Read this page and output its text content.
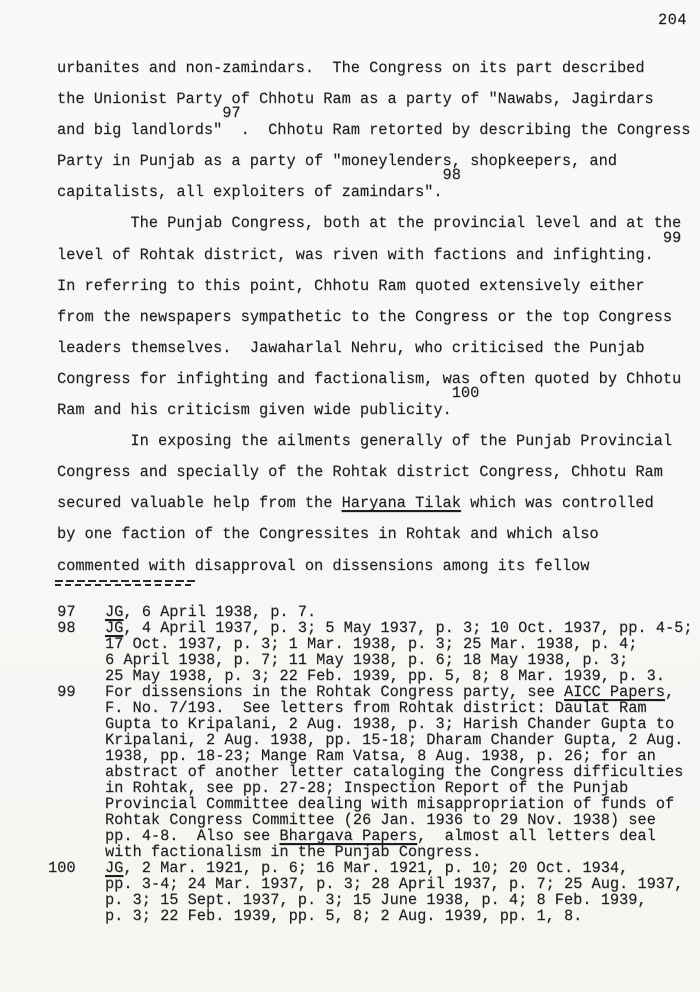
204
urbanites and non-zamindars.  The Congress on its part described
the Unionist Party of Chhotu Ram as a party of "Nawabs, Jagirdars
and big landlords"97.  Chhotu Ram retorted by describing the Congress
Party in Punjab as a party of "moneylenders, shopkeepers, and
capitalists, all exploiters of zamindars".98
The Punjab Congress, both at the provincial level and at the
level of Rohtak district, was riven with factions and infighting. 99
In referring to this point, Chhotu Ram quoted extensively either
from the newspapers sympathetic to the Congress or the top Congress
leaders themselves.  Jawaharlal Nehru, who criticised the Punjab
Congress for infighting and factionalism, was often quoted by Chhotu
Ram and his criticism given wide publicity.100
In exposing the ailments generally of the Punjab Provincial
Congress and specially of the Rohtak district Congress, Chhotu Ram
secured valuable help from the Haryana Tilak which was controlled
by one faction of the Congressites in Rohtak and which also
commented with disapproval on dissensions among its fellow
97	JG, 6 April 1938, p. 7.
98	JG, 4 April 1937, p. 3; 5 May 1937, p. 3; 10 Oct. 1937, pp. 4-5;
17 Oct. 1937, p. 3; 1 Mar. 1938, p. 3; 25 Mar. 1938, p. 4;
6 April 1938, p. 7; 11 May 1938, p. 6; 18 May 1938, p. 3;
25 May 1938, p. 3; 22 Feb. 1939, pp. 5, 8; 8 Mar. 1939, p. 3.
99	For dissensions in the Rohtak Congress party, see AICC Papers,
F. No. 7/193.  See letters from Rohtak district: Daulat Ram
Gupta to Kripalani, 2 Aug. 1938, p. 3; Harish Chander Gupta to
Kripalani, 2 Aug. 1938, pp. 15-18; Dharam Chander Gupta, 2 Aug.
1938, pp. 18-23; Mange Ram Vatsa, 8 Aug. 1938, p. 26; for an
abstract of another letter cataloging the Congress difficulties
in Rohtak, see pp. 27-28; Inspection Report of the Punjab
Provincial Committee dealing with misappropriation of funds of
Rohtak Congress Committee (26 Jan. 1936 to 29 Nov. 1938) see
pp. 4-8.  Also see Bhargava Papers,  almost all letters deal
with factionalism in the Punjab Congress.
100	JG, 2 Mar. 1921, p. 6; 16 Mar. 1921, p. 10; 20 Oct. 1934,
pp. 3-4; 24 Mar. 1937, p. 3; 28 April 1937, p. 7; 25 Aug. 1937,
p. 3; 15 Sept. 1937, p. 3; 15 June 1938, p. 4; 8 Feb. 1939,
p. 3; 22 Feb. 1939, pp. 5, 8; 2 Aug. 1939, pp. 1, 8.
